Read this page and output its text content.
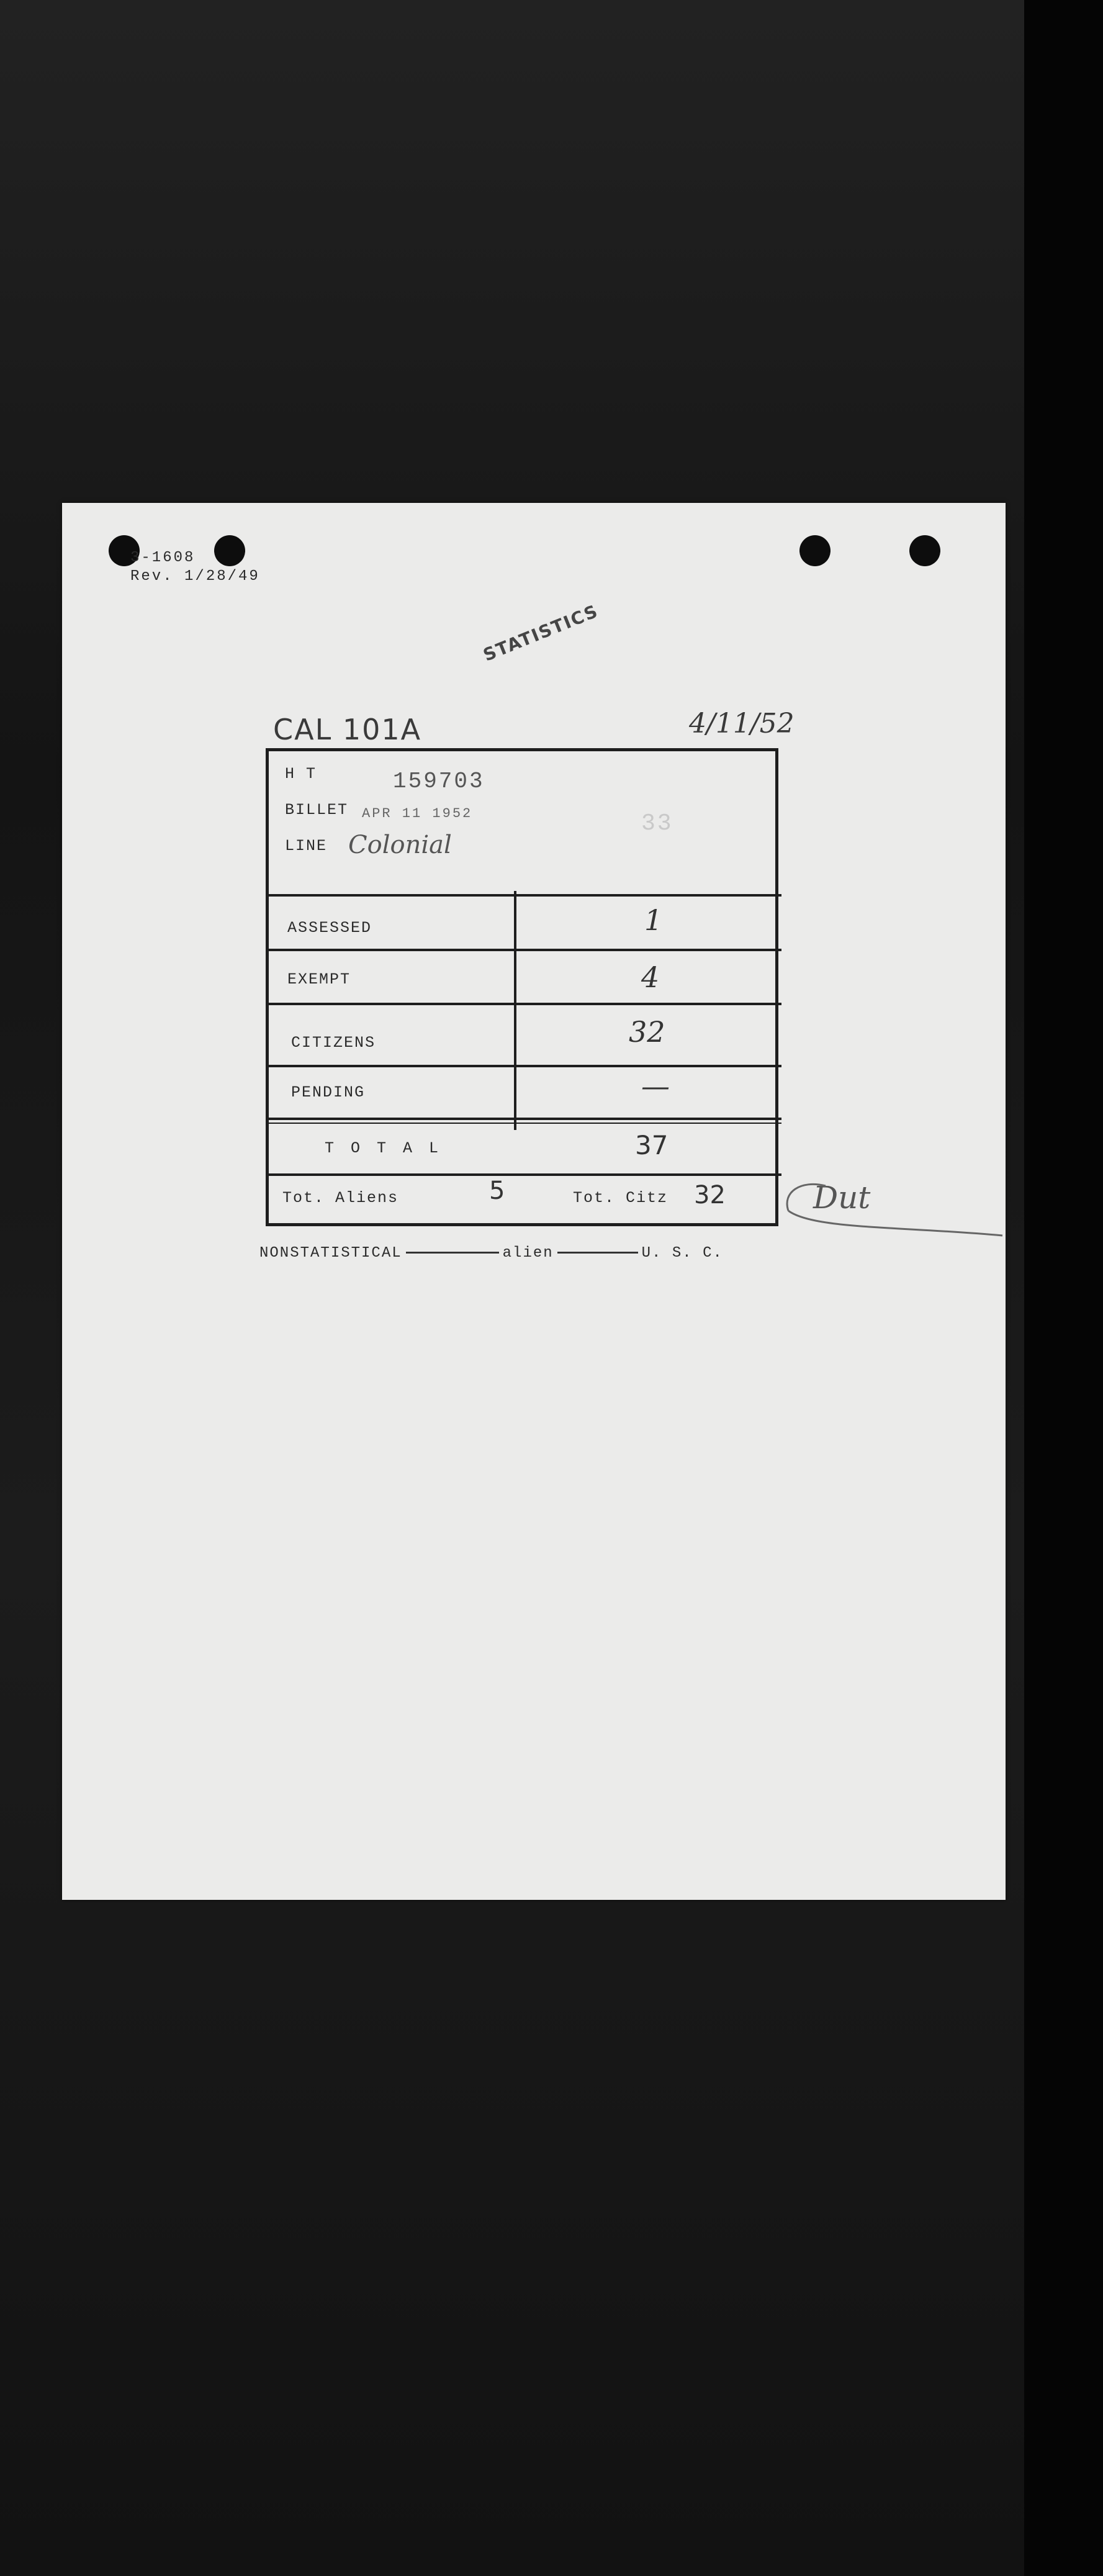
3-1608
Rev. 1/28/49
STATISTICS
CAL 101A	4/11/52
H T	159703
BILLET APR 11 1952
LINE Colonial
33
ASSESSED	1
EXEMPT	4
CITIZENS	32
PENDING	—
T O T A L	37
Tot. Aliens	5	Tot. Citz 32	Dut
NONSTATISTICAL	alien	U. S. C.
